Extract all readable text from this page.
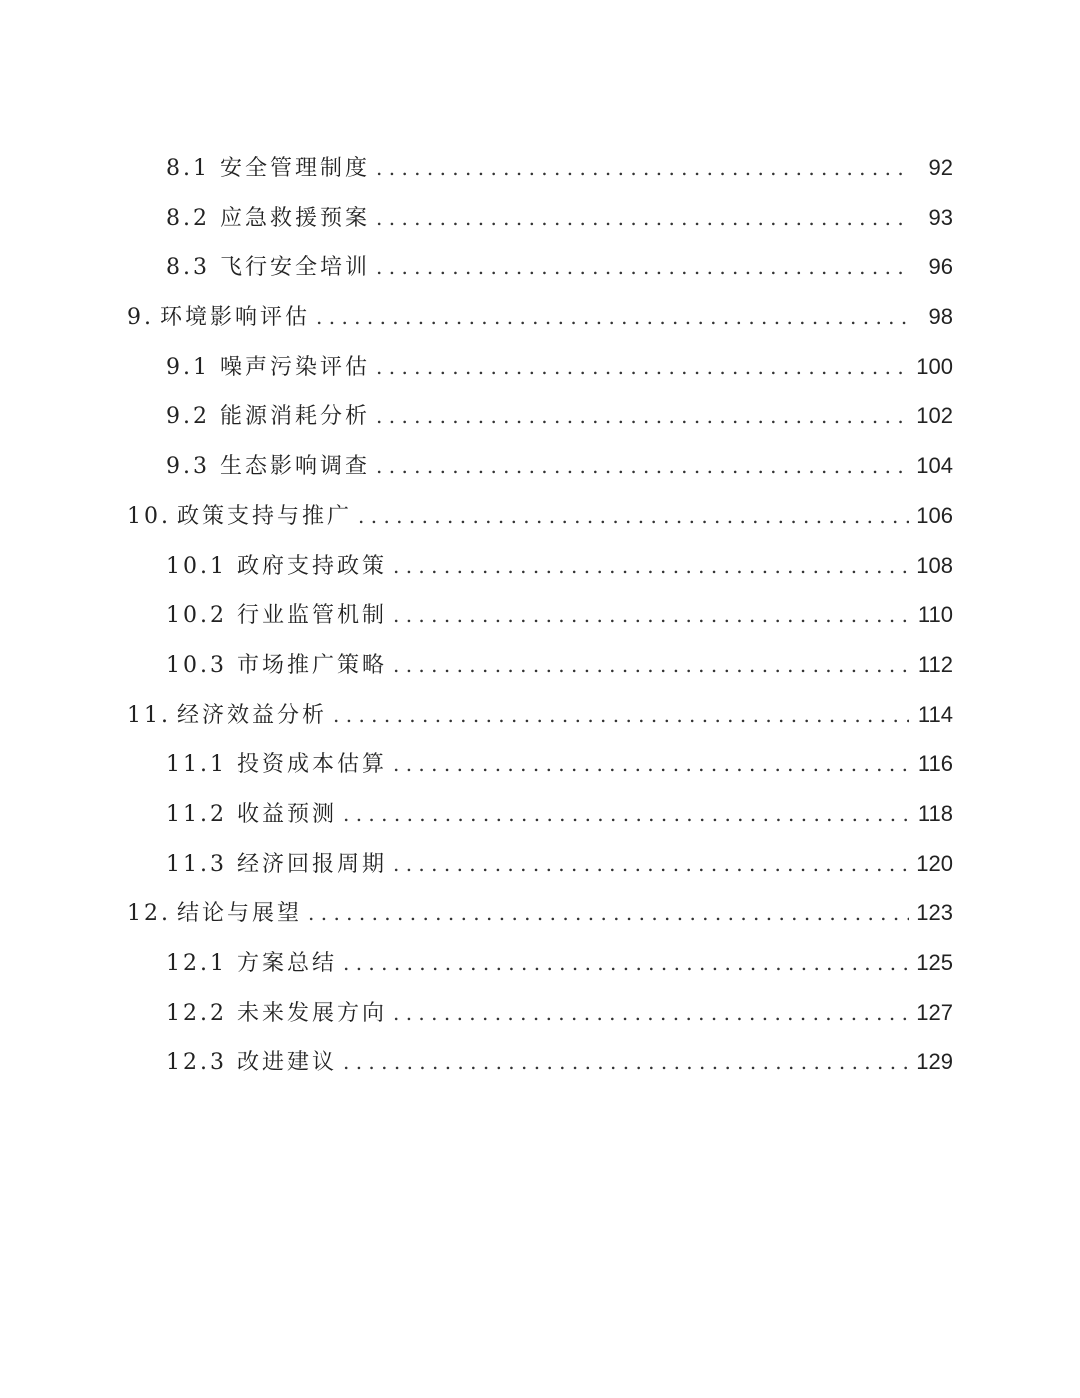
8.1 安全管理制度 . . .	92
8.2 应急救援预案 . . .	93
8.3 飞行安全培训 . . .	96
9. 环境影响评估 . . .	98
9.1 噪声污染评估 . . .	100
9.2 能源消耗分析 . . .	102
9.3 生态影响调查 . . .	104
10. 政策支持与推广 . . .	106
10.1 政府支持政策 . . .	108
10.2 行业监管机制 . . .	110
10.3 市场推广策略 . . .	112
11. 经济效益分析 . . .	114
11.1 投资成本估算 . . .	116
11.2 收益预测 . . .	118
11.3 经济回报周期 . . .	120
12. 结论与展望 . . .	123
12.1 方案总结 . . .	125
12.2 未来发展方向 . . .	127
12.3 改进建议 . . .	129
